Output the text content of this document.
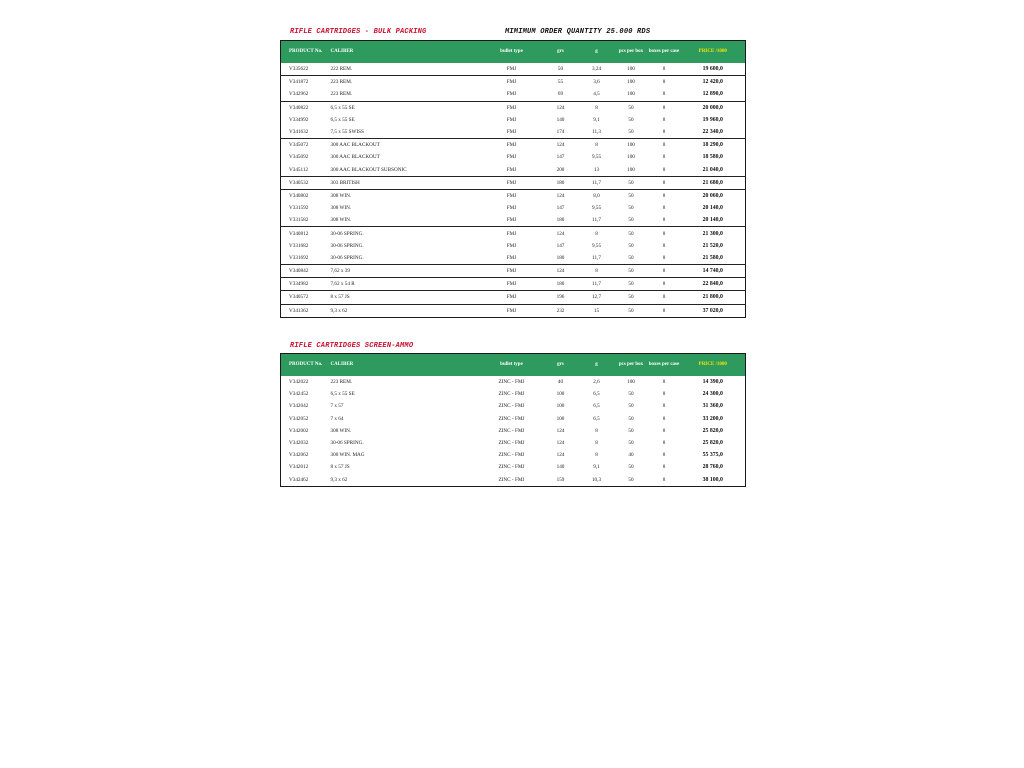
RIFLE CARTRIDGES - BULK PACKING	MIMIMUM ORDER QUANTITY 25.000 RDS
PRODUCT No.	CALIBER	bullet type	grs	g	pcs per box	boxes per case	PRICE /1000
V335622	222 REM.	FMJ	50	3,24	100	8	19 600,0
V341872	223 REM.	FMJ	55	3,6	100	8	12 420,0
V342962	223 REM.	FMJ	69	4,5	100	8	12 890,0
V340822	6,5 x 55 SE	FMJ	124	8	50	8	20 000,0
V334992	6,5 x 55 SE	FMJ	140	9,1	50	8	19 960,0
V341632	7,5 x 55 SWISS	FMJ	174	11,3	50	8	22 340,0
V345072	300 AAC BLACKOUT	FMJ	124	8	100	8	18 290,0
V345092	300 AAC BLACKOUT	FMJ	147	9,55	100	8	18 580,0
V345112	300 AAC BLACKOUT SUBSONIC	FMJ	200	13	100	8	21 040,0
V340532	303 BRITISH	FMJ	180	11,7	50	8	21 680,0
V340802	308 WIN.	FMJ	124	8,0	50	8	20 060,0
V331592	308 WIN.	FMJ	147	9,55	50	8	20 140,0
V331582	308 WIN.	FMJ	180	11,7	50	8	20 140,0
V340812	30-06 SPRING.	FMJ	124	8	50	8	21 300,0
V331682	30-06 SPRING.	FMJ	147	9,55	50	8	21 520,0
V331692	30-06 SPRING.	FMJ	180	11,7	50	8	21 580,0
V340842	7,62 x 39	FMJ	124	8	50	8	14 740,0
V334982	7,62 x 54 R	FMJ	180	11,7	50	8	22 840,0
V340572	8 x 57 JS	FMJ	196	12,7	50	8	21 800,0
V341362	9,3 x 62	FMJ	232	15	50	8	37 020,0
RIFLE CARTRIDGES SCREEN-AMMO
PRODUCT No.	CALIBER	bullet type	grs	g	pcs per box	boxes per case	PRICE /1000
V342022	223 REM.	ZINC - FMJ	40	2,6	100	8	14 390,0
V342452	6,5 x 55 SE	ZINC - FMJ	100	6,5	50	8	24 300,0
V342042	7 x 57	ZINC - FMJ	100	6,5	50	8	31 360,0
V342052	7 x 64	ZINC - FMJ	100	6,5	50	8	33 200,0
V342002	308 WIN.	ZINC - FMJ	124	8	50	8	25 820,0
V342032	30-06 SPRING.	ZINC - FMJ	124	8	50	8	25 820,0
V342062	300 WIN. MAG	ZINC - FMJ	124	8	40	8	55 375,0
V342012	8 x 57 JS	ZINC - FMJ	140	9,1	50	8	28 760,0
V342462	9,3 x 62	ZINC - FMJ	159	10,3	50	8	38 100,0
